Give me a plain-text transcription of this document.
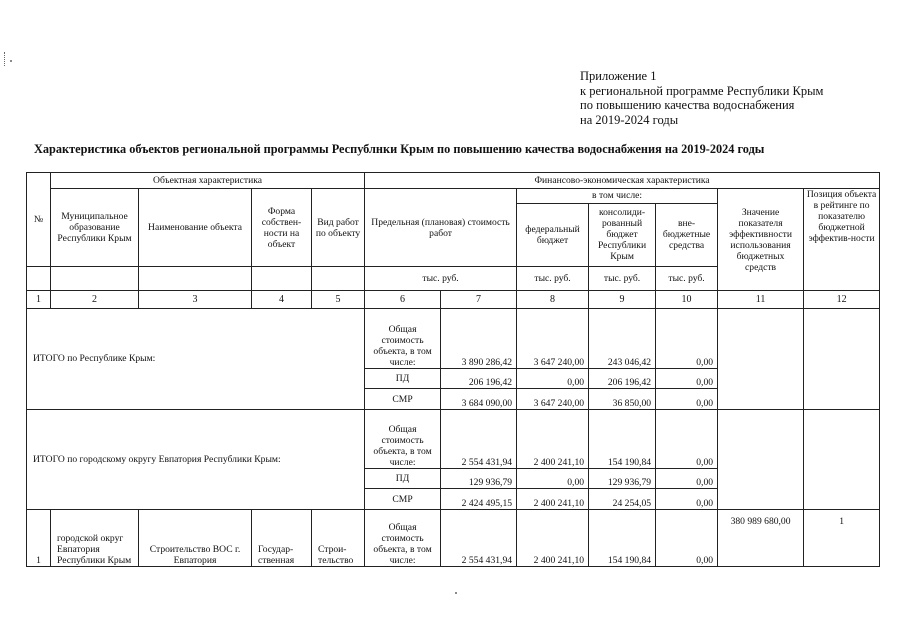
Приложение 1
к региональной программе Республики Крым
по повышению качества водоснабжения
на 2019-2024 годы
Характеристика объектов региональной программы Республнки Крым по повышению качества водоснабжения на 2019-2024 годы
№	Объектная характеристика				Финансово-экономическая характеристика							
	Муниципальное образование Республики Крым	Наименование объекта	Форма собствен-ности на объект	Вид работ по объекту	Предельная (плановая) стоимость работ		в том числе:			Значение показателя эффективности использования бюджетных средств	Позиция объекта в рейтинге по показателю бюджетной эффектив-ности	
							федеральный бюджет	консолиди-рованный бюджет Республики Крым	вне-бюджетные средства			
					тыс. руб.		тыс. руб.	тыс. руб.	тыс. руб.	
1	2	3	4	5	6	7	8	9	10	11	12	
ИТОГО по Республике Крым:					Общая стоимость объекта, в том числе:	3 890 286,42	3 647 240,00	243 046,42	0,00			
					ПД	206 196,42	0,00	206 196,42	0,00			
					СМР	3 684 090,00	3 647 240,00	36 850,00	0,00			
ИТОГО по городскому округу Евпатория Республики Крым:					Общая стоимость объекта, в том числе:	2 554 431,94	2 400 241,10	154 190,84	0,00			
					ПД	129 936,79	0,00	129 936,79	0,00			
					СМР	2 424 495,15	2 400 241,10	24 254,05	0,00			
1	городской округ Евпатория Республики Крым	Строительство ВОС г. Евпатория	Государ-ственная	Строи-тельство	Общая стоимость объекта, в том числе:	2 554 431,94	2 400 241,10	154 190,84	0,00	380 989 680,00	1	
